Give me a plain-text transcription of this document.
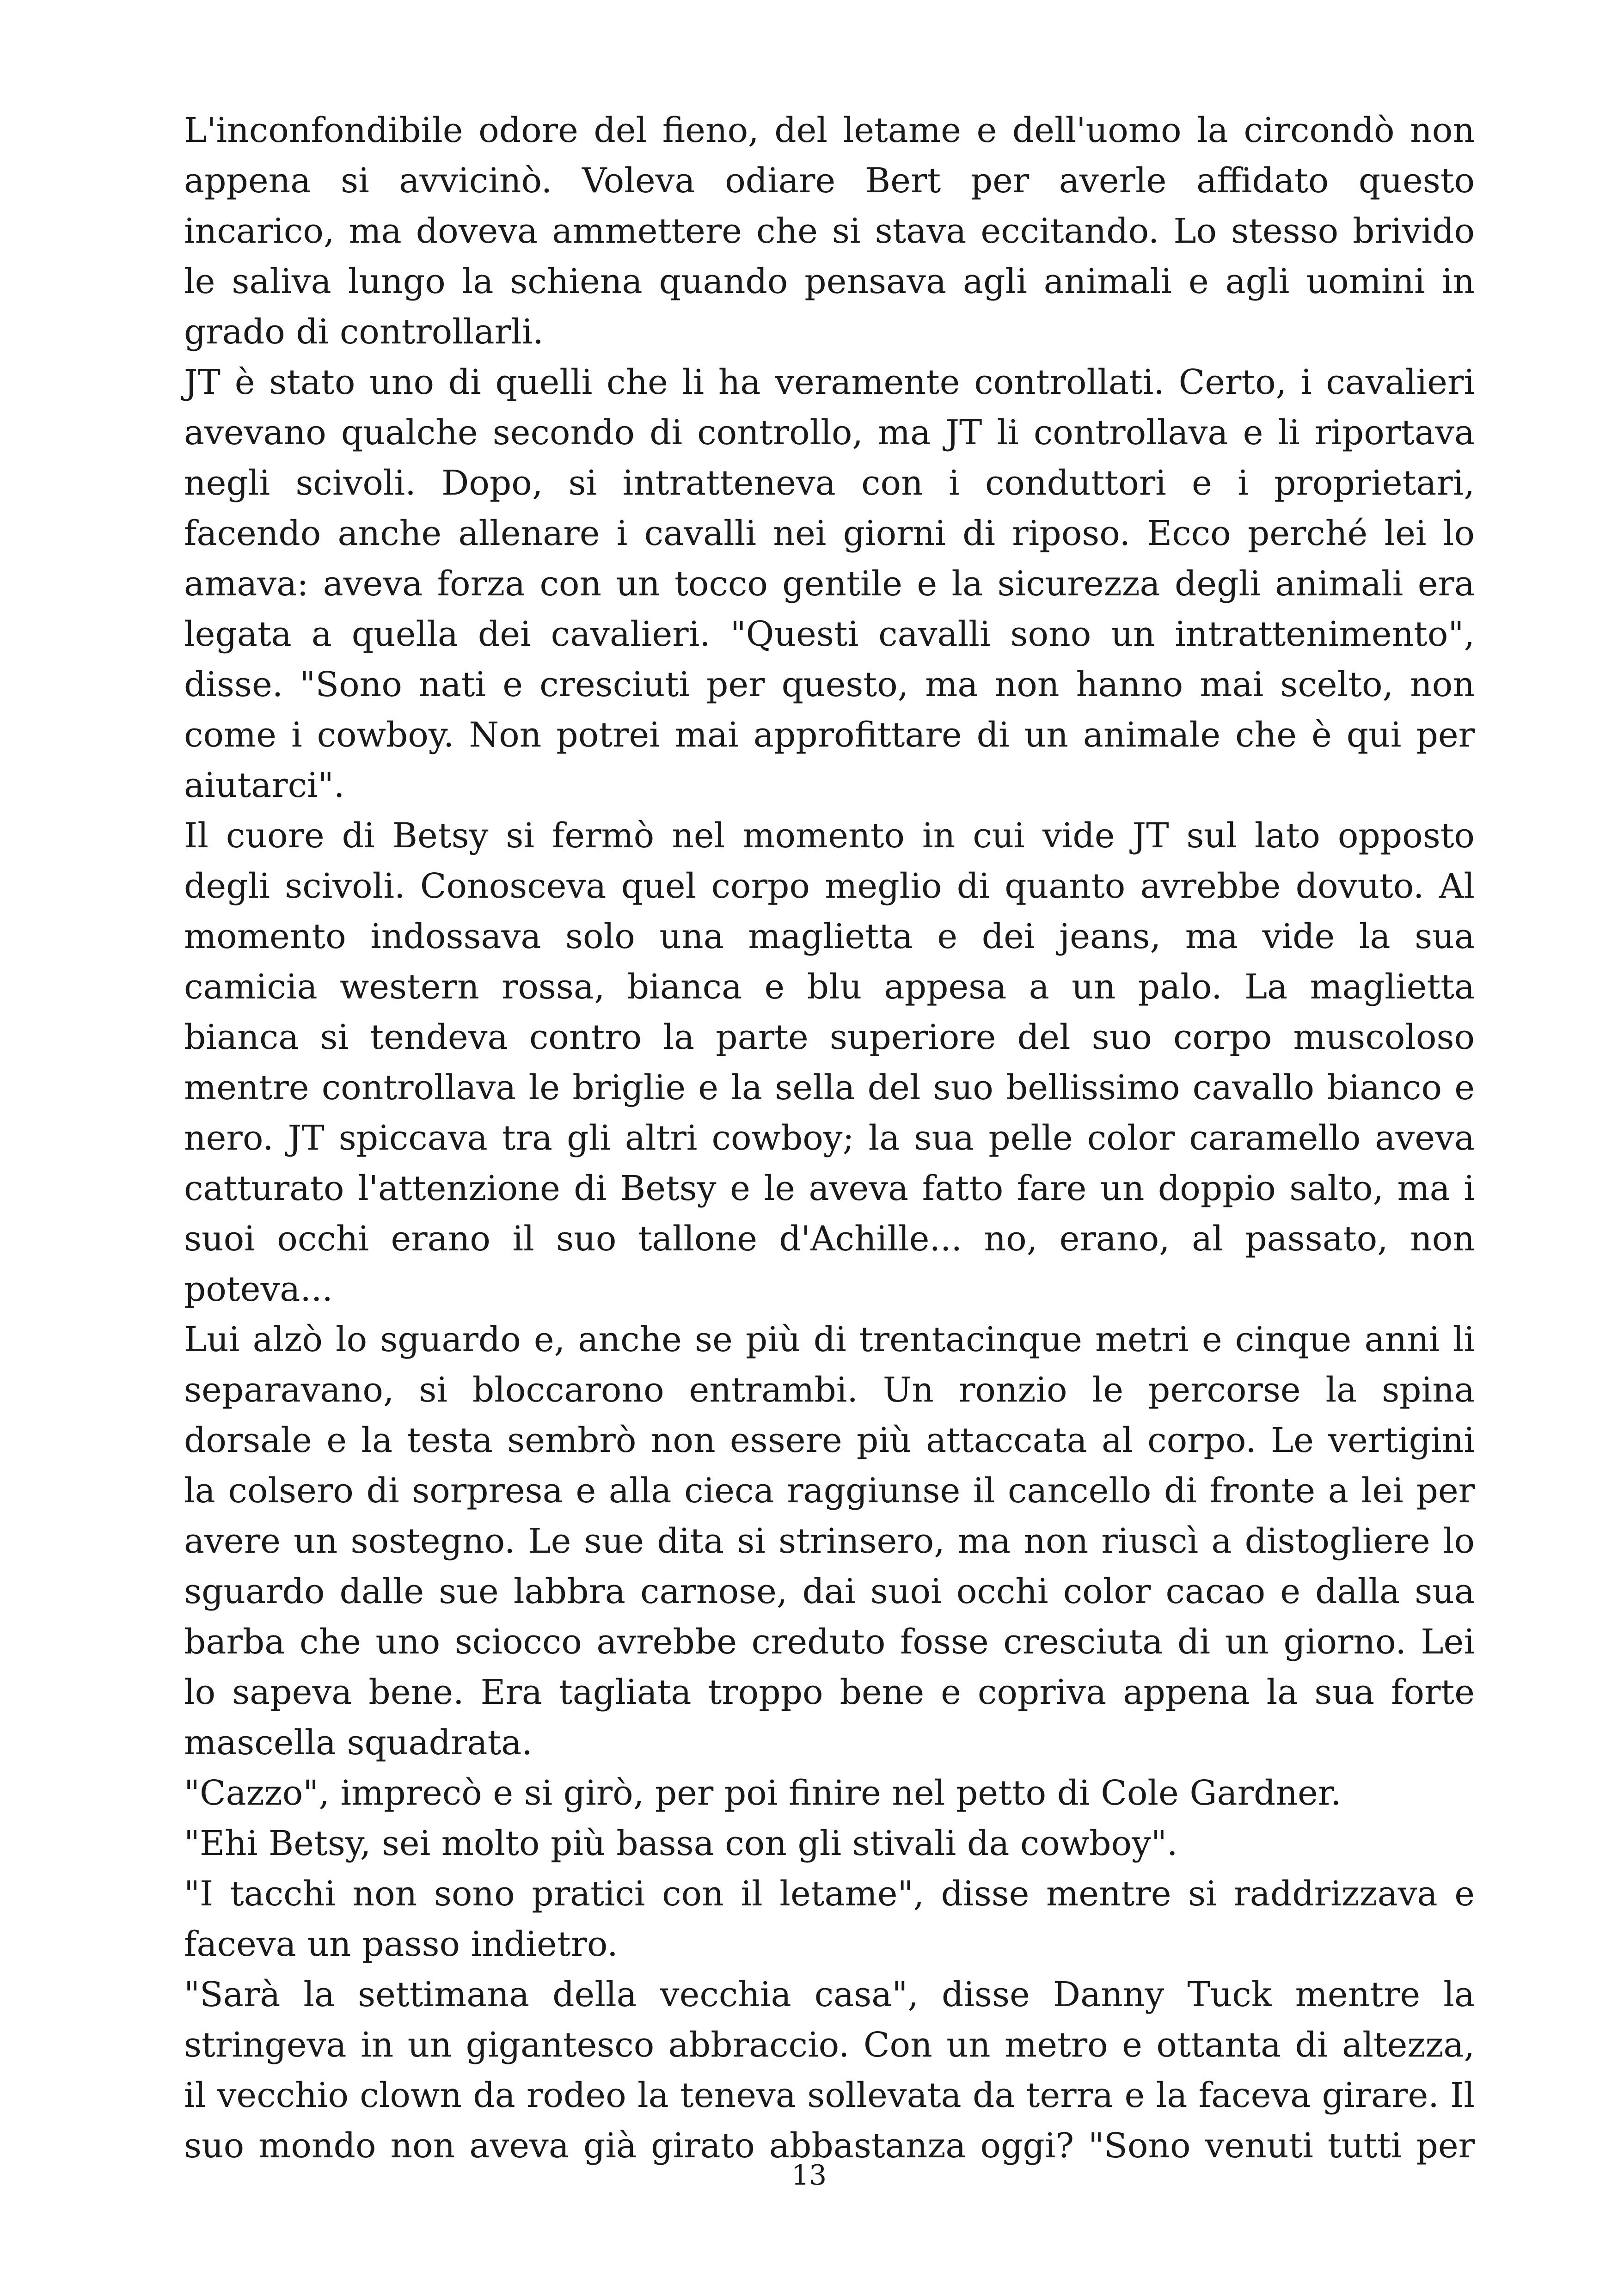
L'inconfondibile odore del fieno, del letame e dell'uomo la circondò non
appena si avvicinò. Voleva odiare Bert per averle affidato questo
incarico, ma doveva ammettere che si stava eccitando. Lo stesso brivido
le saliva lungo la schiena quando pensava agli animali e agli uomini in
grado di controllarli.
JT è stato uno di quelli che li ha veramente controllati. Certo, i cavalieri
avevano qualche secondo di controllo, ma JT li controllava e li riportava
negli scivoli. Dopo, si intratteneva con i conduttori e i proprietari,
facendo anche allenare i cavalli nei giorni di riposo. Ecco perché lei lo
amava: aveva forza con un tocco gentile e la sicurezza degli animali era
legata a quella dei cavalieri. "Questi cavalli sono un intrattenimento",
disse. "Sono nati e cresciuti per questo, ma non hanno mai scelto, non
come i cowboy. Non potrei mai approfittare di un animale che è qui per
aiutarci".
Il cuore di Betsy si fermò nel momento in cui vide JT sul lato opposto
degli scivoli. Conosceva quel corpo meglio di quanto avrebbe dovuto. Al
momento indossava solo una maglietta e dei jeans, ma vide la sua
camicia western rossa, bianca e blu appesa a un palo. La maglietta
bianca si tendeva contro la parte superiore del suo corpo muscoloso
mentre controllava le briglie e la sella del suo bellissimo cavallo bianco e
nero. JT spiccava tra gli altri cowboy; la sua pelle color caramello aveva
catturato l'attenzione di Betsy e le aveva fatto fare un doppio salto, ma i
suoi occhi erano il suo tallone d'Achille... no, erano, al passato, non
poteva...
Lui alzò lo sguardo e, anche se più di trentacinque metri e cinque anni li
separavano, si bloccarono entrambi. Un ronzio le percorse la spina
dorsale e la testa sembrò non essere più attaccata al corpo. Le vertigini
la colsero di sorpresa e alla cieca raggiunse il cancello di fronte a lei per
avere un sostegno. Le sue dita si strinsero, ma non riuscì a distogliere lo
sguardo dalle sue labbra carnose, dai suoi occhi color cacao e dalla sua
barba che uno sciocco avrebbe creduto fosse cresciuta di un giorno. Lei
lo sapeva bene. Era tagliata troppo bene e copriva appena la sua forte
mascella squadrata.
"Cazzo", imprecò e si girò, per poi finire nel petto di Cole Gardner.
"Ehi Betsy, sei molto più bassa con gli stivali da cowboy".
"I tacchi non sono pratici con il letame", disse mentre si raddrizzava e
faceva un passo indietro.
"Sarà la settimana della vecchia casa", disse Danny Tuck mentre la
stringeva in un gigantesco abbraccio. Con un metro e ottanta di altezza,
il vecchio clown da rodeo la teneva sollevata da terra e la faceva girare. Il
suo mondo non aveva già girato abbastanza oggi? "Sono venuti tutti per
13
